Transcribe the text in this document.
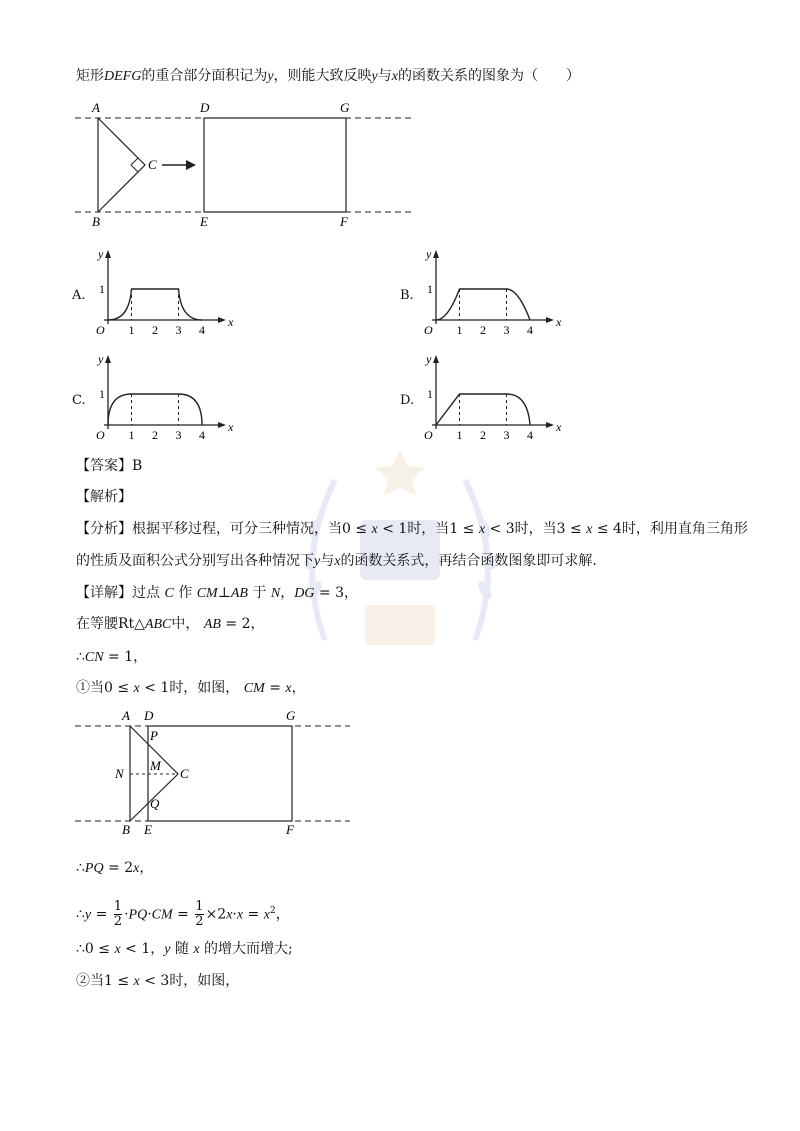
矩形DEFG的重合部分面积记为y，则能大致反映y与x的函数关系的图象为（　　）
A
B
C
D
E	F
G
A.
y
x
O
1
1 2 3 4
B.
y
x
O
1
1 2 3 4
C.
y
x
O
1
1 2 3 4
D.
y
x
O
1
1 2 3 4
【答案】B
【解析】
【分析】根据平移过程，可分三种情况，当0 ≤ x < 1时，当1 ≤ x < 3时，当3 ≤ x ≤ 4时，利用直角三角形
的性质及面积公式分别写出各种情况下y与x的函数关系式，再结合函数图象即可求解.
【详解】过点 C 作 CM⊥AB 于 N，DG = 3，
在等腰Rt△ABC中， AB = 2，
∴CN = 1，
①当0 ≤ x < 1时，如图， CM = x，
A
B
C
D
E	F
G
N
M
P
Q
∴PQ = 2x，
∴y = $\frac{1}{2} \cdot PQ\cdot CM = \frac{1}{2} \times 2x\cdot x = x^2$，
∴0 ≤ x < 1，y 随 x 的增大而增大;
②当1 ≤ x < 3时，如图，
